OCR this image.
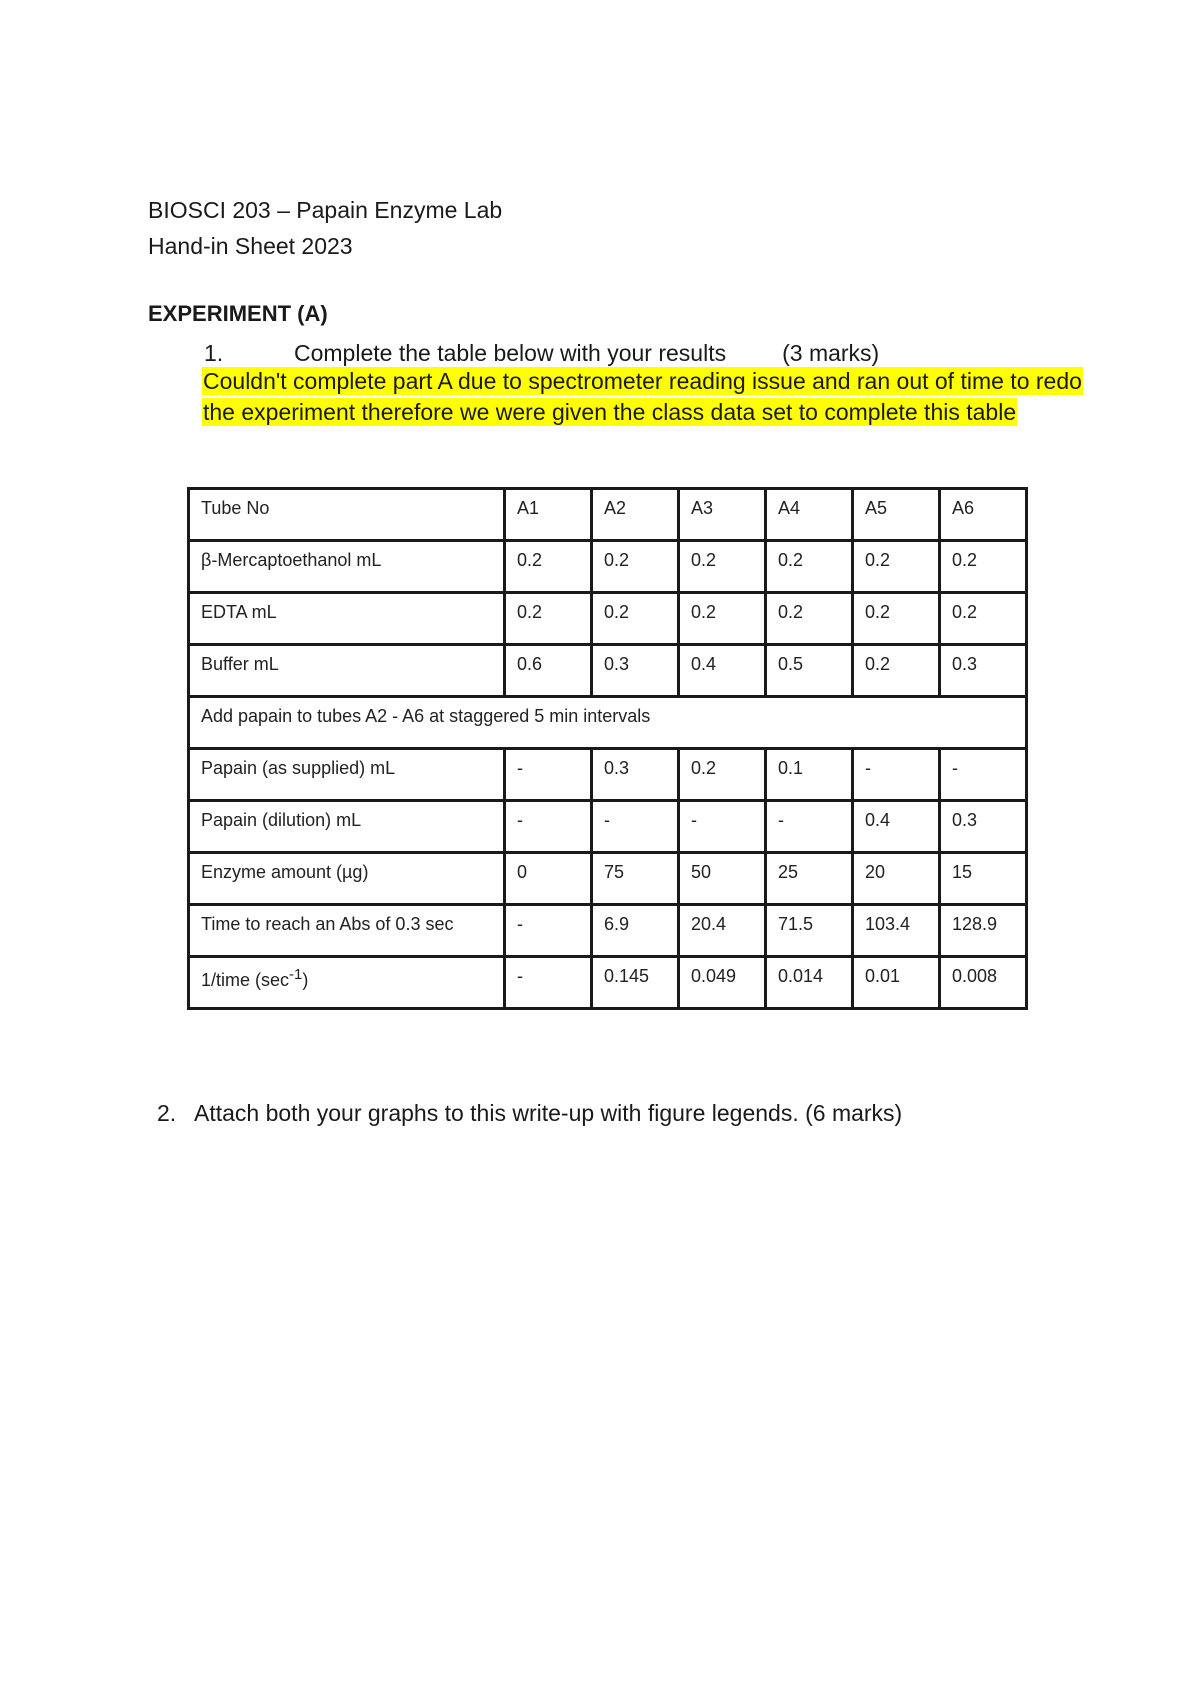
BIOSCI 203 – Papain Enzyme Lab
Hand-in Sheet 2023
EXPERIMENT (A)
1.	Complete the table below with your results (3 marks)
Couldn't complete part A due to spectrometer reading issue and ran out of time to redo the experiment therefore we were given the class data set to complete this table
Tube No	A1	A2	A3	A4	A5	A6
β-Mercaptoethanol mL	0.2	0.2	0.2	0.2	0.2	0.2
EDTA mL	0.2	0.2	0.2	0.2	0.2	0.2
Buffer mL	0.6	0.3	0.4	0.5	0.2	0.3
Add papain to tubes A2 - A6 at staggered 5 min intervals						
Papain (as supplied) mL	-	0.3	0.2	0.1	-	-
Papain (dilution) mL	-	-	-	-	0.4	0.3
Enzyme amount (µg)	0	75	50	25	20	15
Time to reach an Abs of 0.3 sec	-	6.9	20.4	71.5	103.4	128.9
1/time $(\sec^{-1})$	-	0.145	0.049	0.014	0.01	0.008
2. Attach both your graphs to this write-up with figure legends. (6 marks)
